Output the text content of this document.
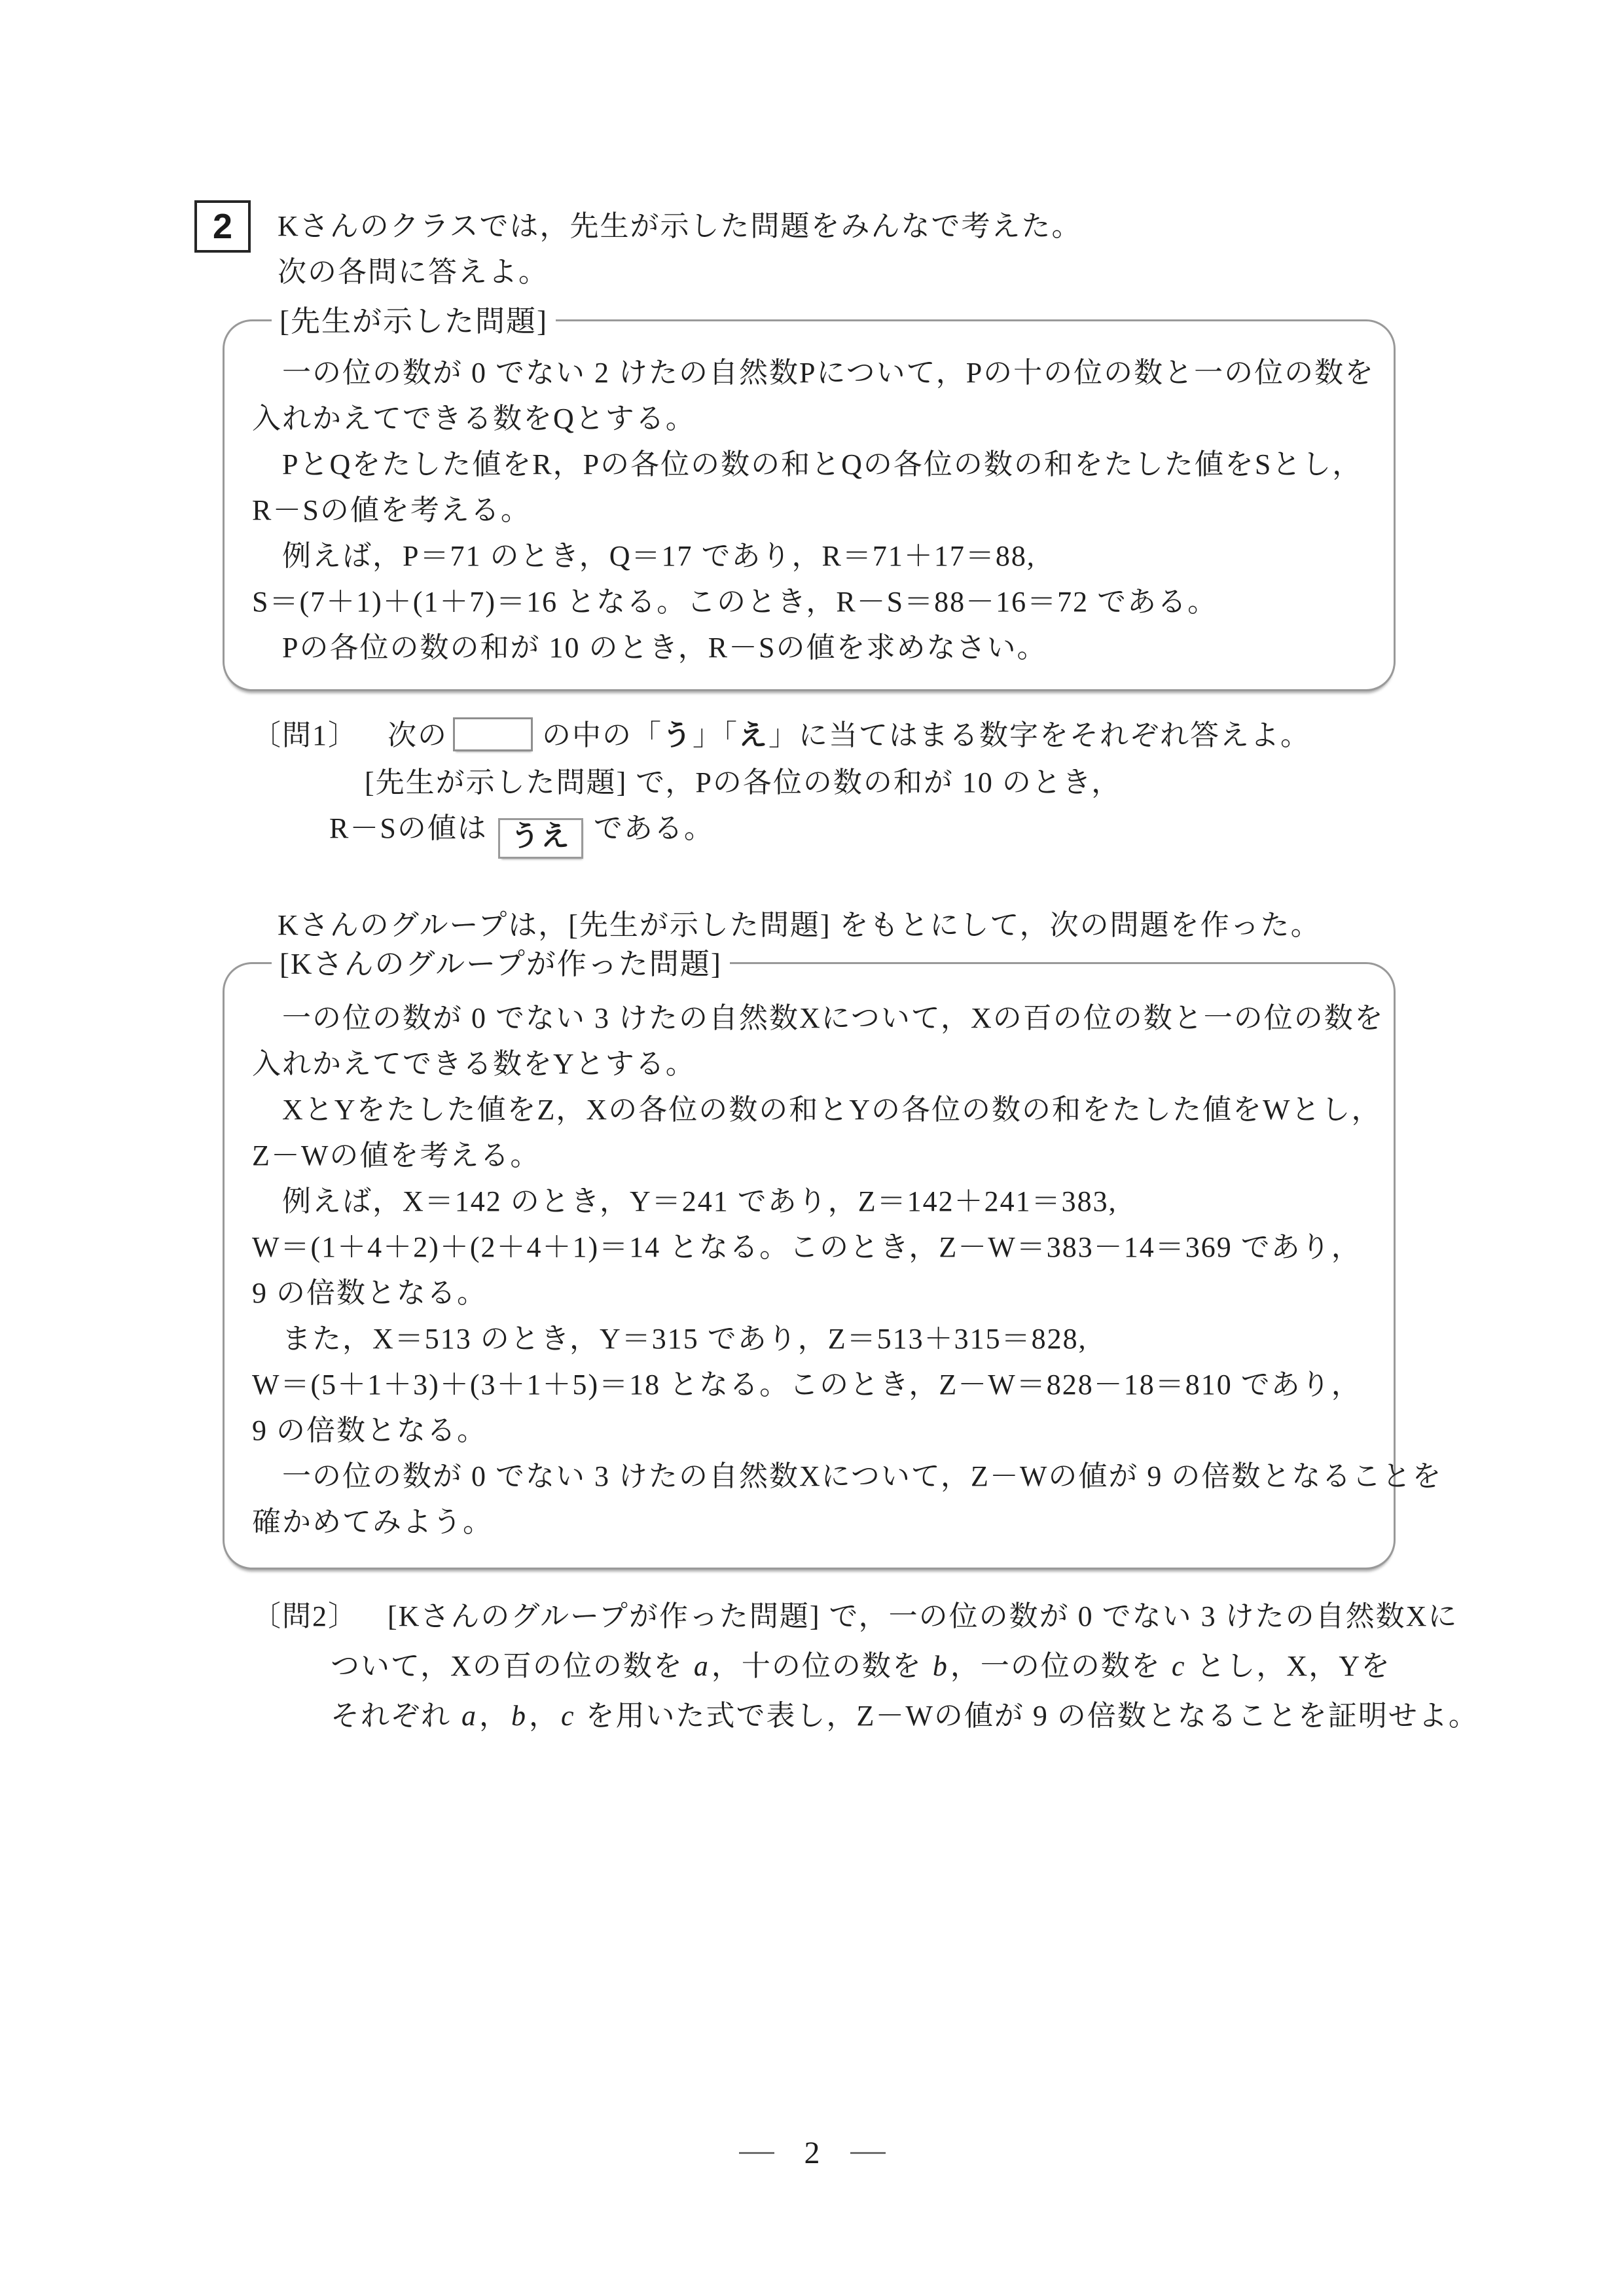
2 Kさんのクラスでは，先生が示した問題をみんなで考えた。
次の各問に答えよ。
[先生が示した問題]
　一の位の数が 0 でない 2 けたの自然数Pについて，Pの十の位の数と一の位の数を
入れかえてできる数をQとする。
　PとQをたした値をR，Pの各位の数の和とQの各位の数の和をたした値をSとし，
R－Sの値を考える。
　例えば，P＝71 のとき，Q＝17 であり，R＝71＋17＝88,
S＝(7＋1)＋(1＋7)＝16 となる。このとき，R－S＝88－16＝72 である。
　Pの各位の数の和が 10 のとき，R－Sの値を求めなさい。
〔問1〕 次の	の中の「う」「え」に当てはまる数字をそれぞれ答えよ。
[先生が示した問題] で，Pの各位の数の和が 10 のとき，
R－Sの値は うえ である。
Kさんのグループは，[先生が示した問題] をもとにして，次の問題を作った。
[Kさんのグループが作った問題]
　一の位の数が 0 でない 3 けたの自然数Xについて，Xの百の位の数と一の位の数を
入れかえてできる数をYとする。
　XとYをたした値をZ，Xの各位の数の和とYの各位の数の和をたした値をWとし，
Z－Wの値を考える。
　例えば，X＝142 のとき，Y＝241 であり，Z＝142＋241＝383,
W＝(1＋4＋2)＋(2＋4＋1)＝14 となる。このとき，Z－W＝383－14＝369 であり，
9 の倍数となる。
　また，X＝513 のとき，Y＝315 であり，Z＝513＋315＝828,
W＝(5＋1＋3)＋(3＋1＋5)＝18 となる。このとき，Z－W＝828－18＝810 であり，
9 の倍数となる。
　一の位の数が 0 でない 3 けたの自然数Xについて，Z－Wの値が 9 の倍数となることを
確かめてみよう。
〔問2〕 [Kさんのグループが作った問題] で，一の位の数が 0 でない 3 けたの自然数Xに
ついて，Xの百の位の数を a，十の位の数を b，一の位の数を c とし，X，Yを
それぞれ a，b，c を用いた式で表し，Z－Wの値が 9 の倍数となることを証明せよ。
2
